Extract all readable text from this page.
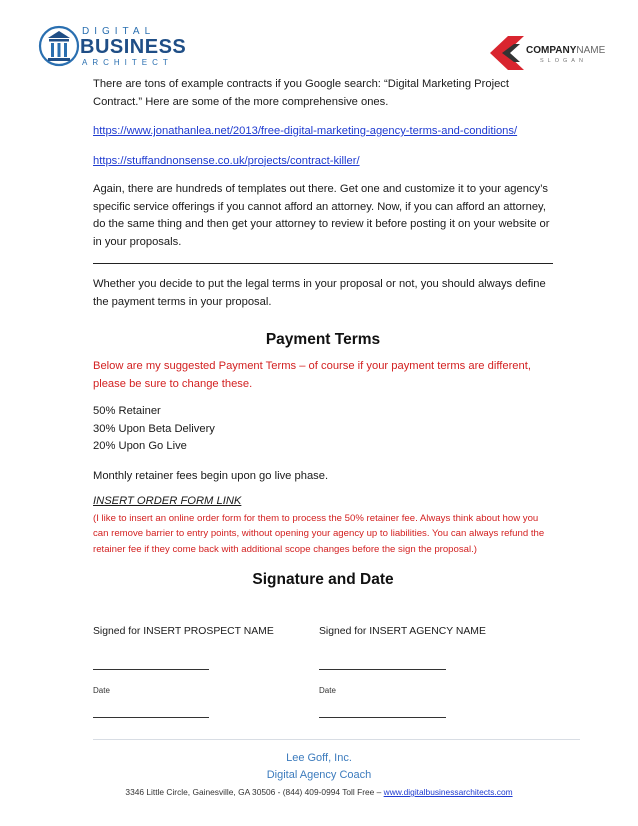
DIGITAL
BUSINESS
ARCHITECT
COMPANYNAME
SLOGAN

There are tons of example contracts if you Google search: “Digital Marketing Project Contract.” Here are some of the more comprehensive ones.

https://www.jonathanlea.net/2013/free-digital-marketing-agency-terms-and-conditions/

https://stuffandnonsense.co.uk/projects/contract-killer/

Again, there are hundreds of templates out there. Get one and customize it to your agency’s specific service offerings if you cannot afford an attorney. Now, if you can afford an attorney, do the same thing and then get your attorney to review it before posting it on your website or in your proposals.

Whether you decide to put the legal terms in your proposal or not, you should always define the payment terms in your proposal.

Payment Terms

Below are my suggested Payment Terms – of course if your payment terms are different, please be sure to change these.

50% Retainer

30% Upon Beta Delivery

20% Upon Go Live

Monthly retainer fees begin upon go live phase.

INSERT ORDER FORM LINK

(I like to insert an online order form for them to process the 50% retainer fee. Always think about how you can remove barrier to entry points, without opening your agency up to liabilities. You can always refund the retainer fee if they come back with additional scope changes before the sign the proposal.)

Signature and Date

Signed for INSERT PROSPECT NAME	Signed for INSERT AGENCY NAME
Date	Date
Lee Goff, Inc.
Digital Agency Coach
3346 Little Circle, Gainesville, GA 30506 - (844) 409-0994 Toll Free – www.digitalbusinessarchitects.com
